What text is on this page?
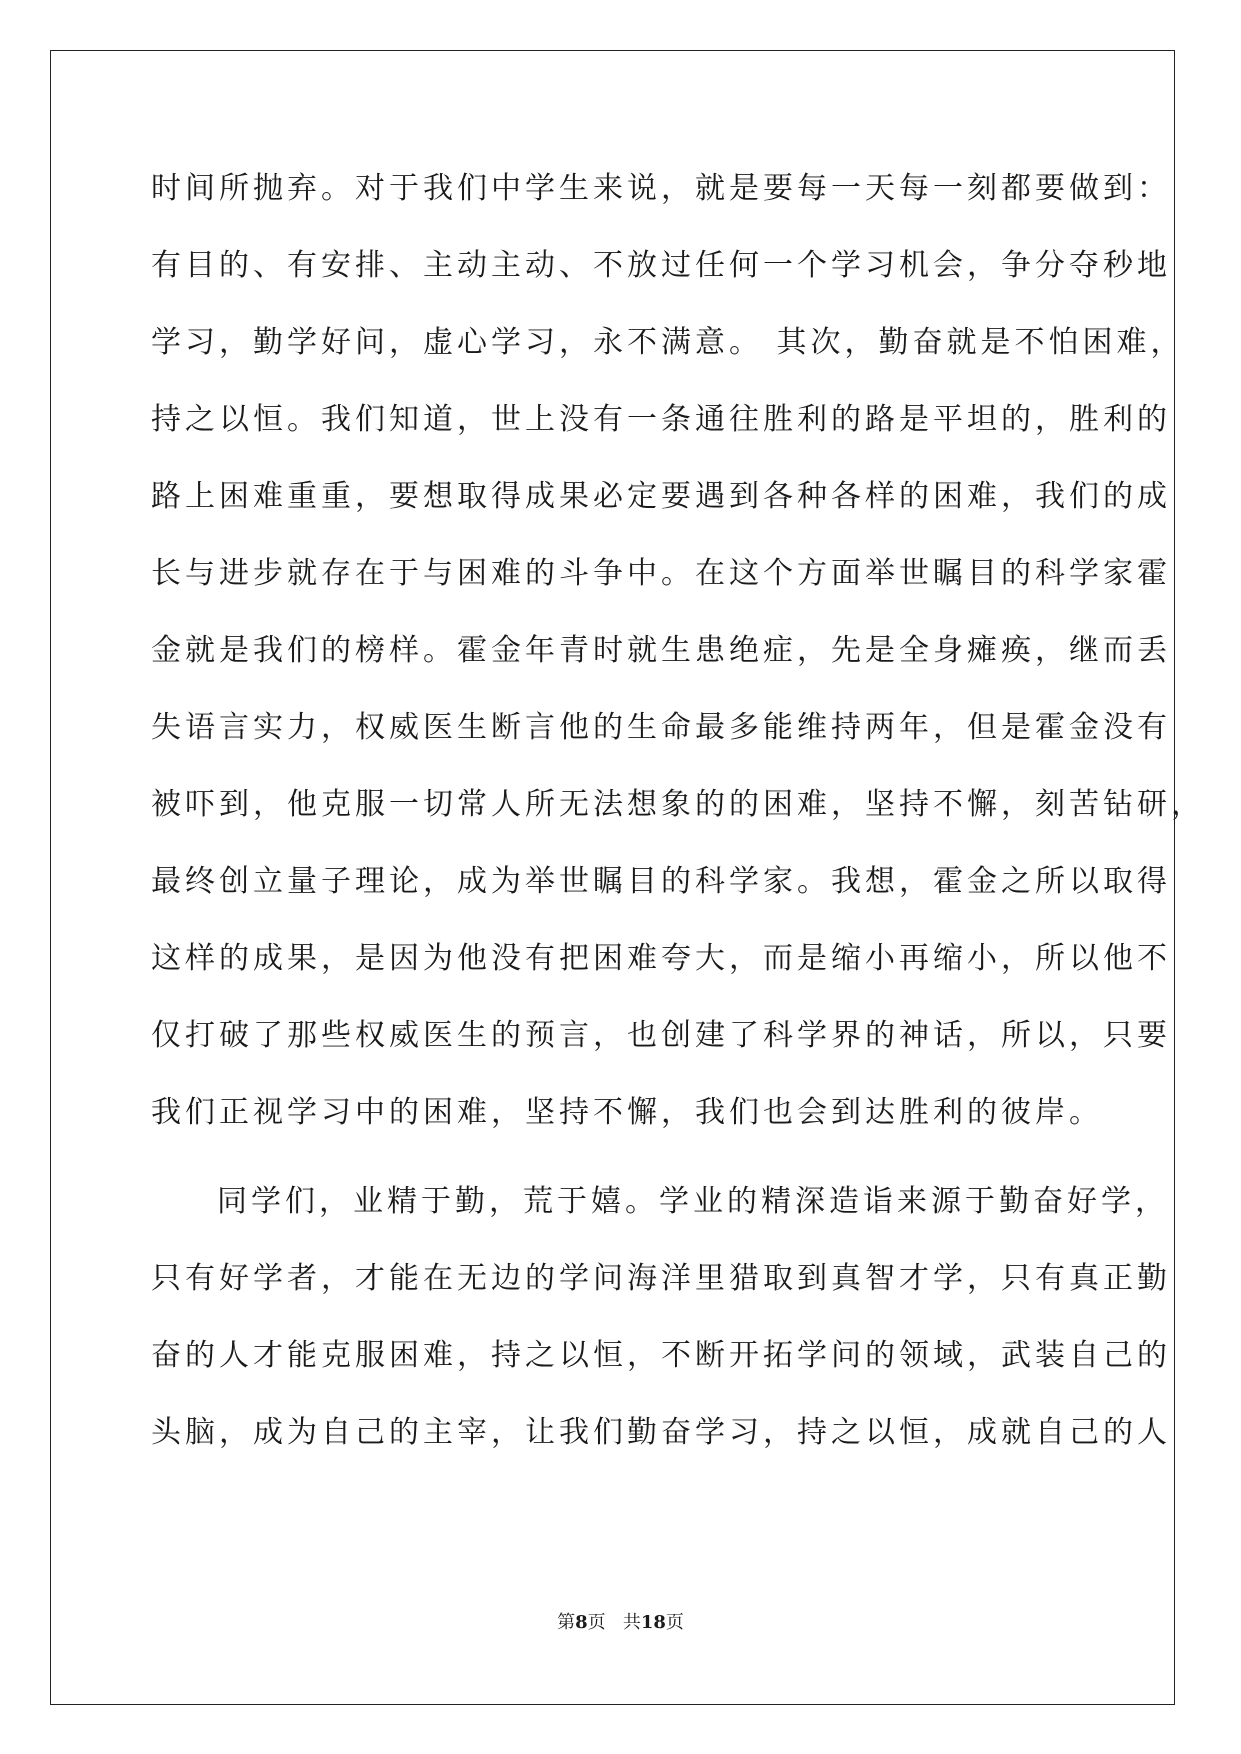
时间所抛弃。对于我们中学生来说，就是要每一天每一刻都要做到：
有目的、有安排、主动主动、不放过任何一个学习机会，争分夺秒地
学习，勤学好问，虚心学习，永不满意。 其次，勤奋就是不怕困难，
持之以恒。我们知道，世上没有一条通往胜利的路是平坦的，胜利的
路上困难重重，要想取得成果必定要遇到各种各样的困难，我们的成
长与进步就存在于与困难的斗争中。在这个方面举世瞩目的科学家霍
金就是我们的榜样。霍金年青时就生患绝症，先是全身瘫痪，继而丢
失语言实力，权威医生断言他的生命最多能维持两年，但是霍金没有
被吓到，他克服一切常人所无法想象的的困难，坚持不懈，刻苦钻研，
最终创立量子理论，成为举世瞩目的科学家。我想，霍金之所以取得
这样的成果，是因为他没有把困难夸大，而是缩小再缩小，所以他不
仅打破了那些权威医生的预言，也创建了科学界的神话，所以，只要
我们正视学习中的困难，坚持不懈，我们也会到达胜利的彼岸。
同学们，业精于勤，荒于嬉。学业的精深造诣来源于勤奋好学，
只有好学者，才能在无边的学问海洋里猎取到真智才学，只有真正勤
奋的人才能克服困难，持之以恒，不断开拓学问的领域，武装自己的
头脑，成为自己的主宰，让我们勤奋学习，持之以恒，成就自己的人
第8页 共18页
